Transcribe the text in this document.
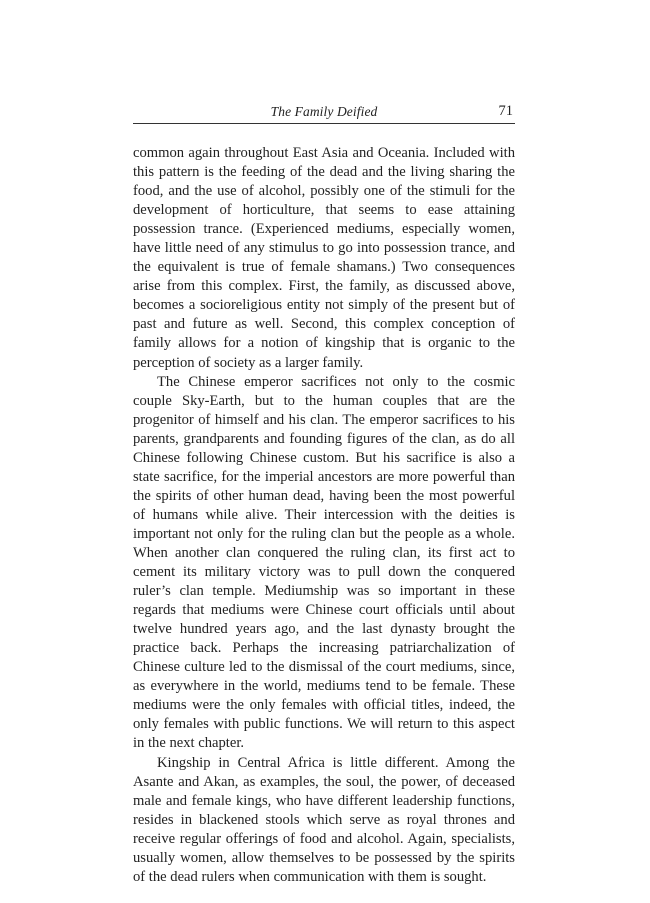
The Family Deified	71

common again throughout East Asia and Oceania. Included with this pattern is the feeding of the dead and the living sharing the food, and the use of alcohol, possibly one of the stimuli for the development of horticulture, that seems to ease attaining possession trance. (Experienced mediums, especially women, have little need of any stimulus to go into possession trance, and the equivalent is true of female shamans.) Two consequences arise from this complex. First, the family, as discussed above, becomes a socioreligious entity not simply of the present but of past and future as well. Second, this complex conception of family allows for a notion of kingship that is organic to the perception of society as a larger family.

The Chinese emperor sacrifices not only to the cosmic couple Sky-Earth, but to the human couples that are the progenitor of himself and his clan. The emperor sacrifices to his parents, grandparents and founding figures of the clan, as do all Chinese following Chinese custom. But his sacrifice is also a state sacrifice, for the imperial ancestors are more powerful than the spirits of other human dead, having been the most powerful of humans while alive. Their intercession with the deities is important not only for the ruling clan but the people as a whole. When another clan conquered the ruling clan, its first act to cement its military victory was to pull down the conquered ruler’s clan temple. Mediumship was so important in these regards that mediums were Chinese court officials until about twelve hundred years ago, and the last dynasty brought the practice back. Perhaps the increasing patriarchalization of Chinese culture led to the dismissal of the court mediums, since, as everywhere in the world, mediums tend to be female. These mediums were the only females with official titles, indeed, the only females with public functions. We will return to this aspect in the next chapter.

Kingship in Central Africa is little different. Among the Asante and Akan, as examples, the soul, the power, of deceased male and female kings, who have different leadership functions, resides in blackened stools which serve as royal thrones and receive regular offerings of food and alcohol. Again, specialists, usually women, allow themselves to be possessed by the spirits of the dead rulers when communication with them is sought.
